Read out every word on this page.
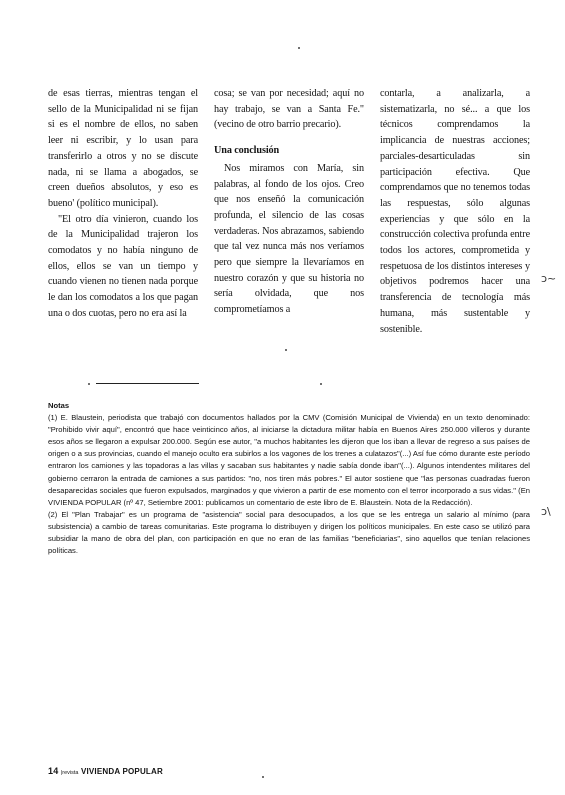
de esas tierras, mientras tengan el sello de la Municipalidad ni se fijan si es el nombre de ellos, no saben leer ni escribir, y lo usan para transferirlo a otros y no se discute nada, ni se llama a abogados, se creen dueños absolutos, y eso es bueno' (político municipal).

"El otro día vinieron, cuando los de la Municipalidad trajeron los comodatos y no había ninguno de ellos, ellos se van un tiempo y cuando vienen no tienen nada porque le dan los comodatos a los que pagan una o dos cuotas, pero no era así la

cosa; se van por necesidad; aquí no hay trabajo, se van a Santa Fe." (vecino de otro barrio precario).

Una conclusión

Nos miramos con María, sin palabras, al fondo de los ojos. Creo que nos enseñó la comunicación profunda, el silencio de las cosas verdaderas. Nos abrazamos, sabiendo que tal vez nunca más nos veríamos pero que siempre la llevaríamos en nuestro corazón y que su historia no sería olvidada, que nos comprometíamos a

contarla, a analizarla, a sistematizarla, no sé... a que los técnicos comprendamos la implicancia de nuestras acciones; parciales-desarticuladas sin participación efectiva. Que comprendamos que no tenemos todas las respuestas, sólo algunas experiencias y que sólo en la construcción colectiva profunda entre todos los actores, comprometida y respetuosa de los distintos intereses y objetivos podremos hacer una transferencia de tecnología más humana, más sustentable y sostenible.

Notas

(1) E. Blaustein, periodista que trabajó con documentos hallados por la CMV (Comisión Municipal de Vivienda) en un texto denominado: "Prohibido vivir aquí", encontró que hace veinticinco años, al iniciarse la dictadura militar había en Buenos Aires 250.000 villeros y durante esos años se llegaron a expulsar 200.000. Según ese autor, "a muchos habitantes les dijeron que los iban a llevar de regreso a sus países de origen o a sus provincias, cuando el manejo oculto era subirlos a los vagones de los trenes a culatazos"(...) Así fue cómo durante este período entraron los camiones y las topadoras a las villas y sacaban sus habitantes y nadie sabía donde iban"(...). Algunos intendentes militares del gobierno cerraron la entrada de camiones a sus partidos: "no, nos tiren más pobres." El autor sostiene que "las personas cuadradas fueron desaparecidas sociales que fueron expulsados, marginados y que vivieron a partir de ese momento con el terror incorporado a sus vidas." (En VIVIENDA POPULAR (nº 47, Setiembre 2001: publicamos un comentario de este libro de E. Blaustein. Nota de la Redacción).

(2) El "Plan Trabajar" es un programa de "asistencia" social para desocupados, a los que se les entrega un salario al mínimo (para subsistencia) a cambio de tareas comunitarias. Este programa lo distribuyen y dirigen los políticos municipales. En este caso se utilizó para subsidiar la mano de obra del plan, con participación en que no eran de las familias "beneficiarias", sino aquellos que tenían relaciones políticas.

14 |revista VIVIENDA POPULAR
ↄ~
ↄ\
